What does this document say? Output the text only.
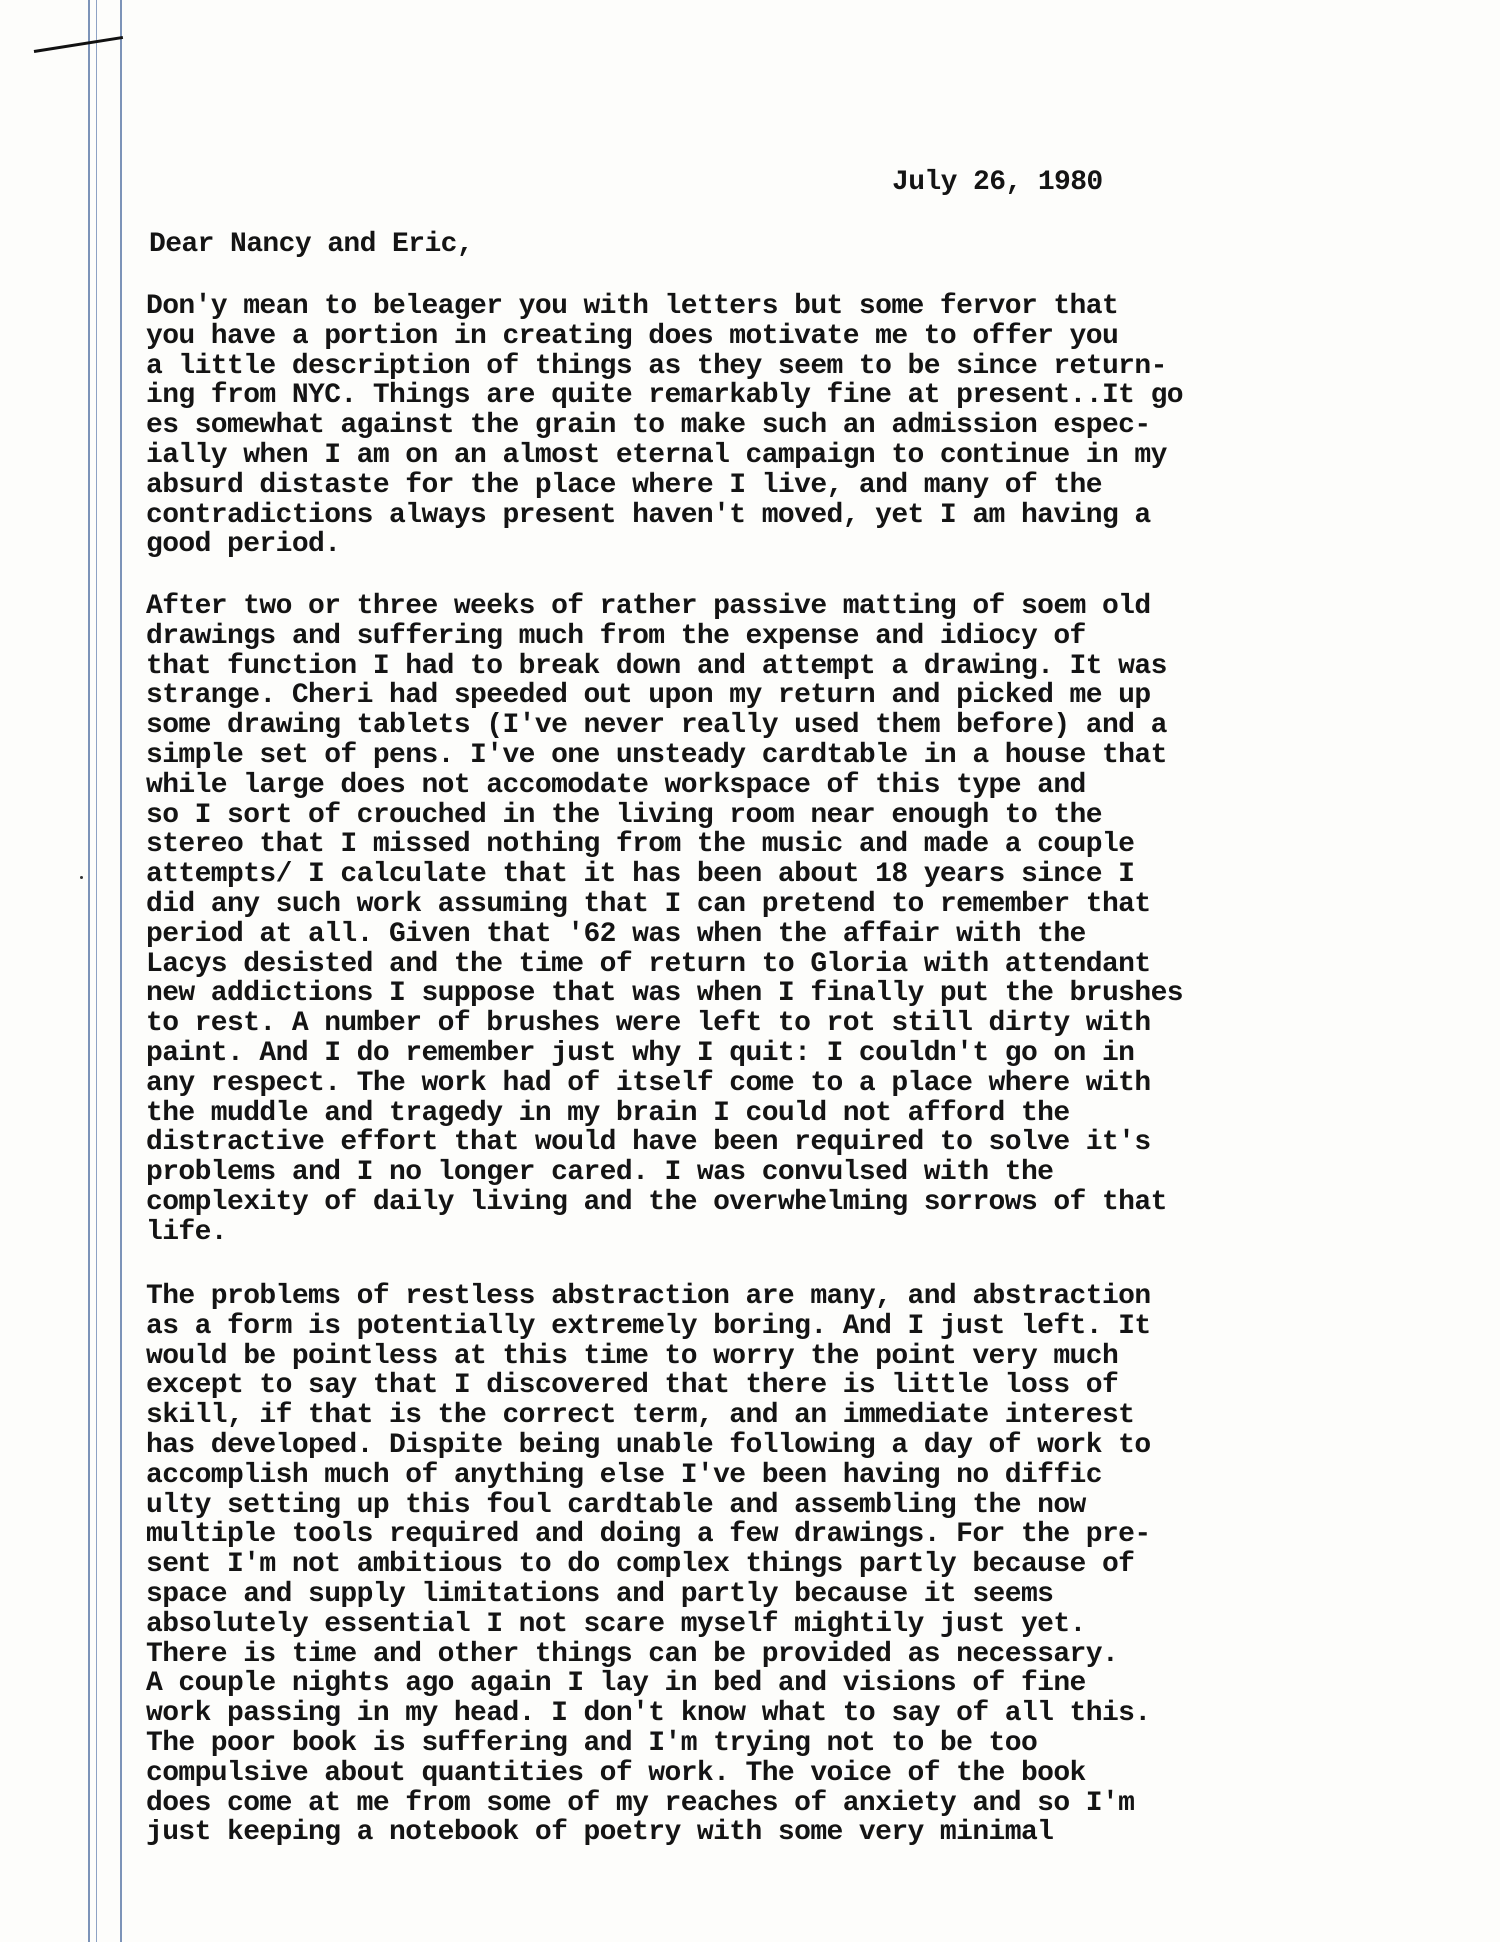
July 26, 1980
Dear Nancy and Eric,
Don'y mean to beleager you with letters but some fervor that
you have a portion in creating does motivate me to offer you
a little description of things as they seem to be since return-
ing from NYC. Things are quite remarkably fine at present..It go
es somewhat against the grain to make such an admission espec-
ially when I am on an almost eternal campaign to continue in my
absurd distaste for the place where I live, and many of the
contradictions always present haven't moved, yet I am having a
good period.
After two or three weeks of rather passive matting of soem old
drawings and suffering much from the expense and idiocy of
that function I had to break down and attempt a drawing. It was
strange. Cheri had speeded out upon my return and picked me up
some drawing tablets (I've never really used them before) and a
simple set of pens. I've one unsteady cardtable in a house that
while large does not accomodate workspace of this type and
so I sort of crouched in the living room near enough to the
stereo that I missed nothing from the music and made a couple
attempts/ I calculate that it has been about 18 years since I
did any such work assuming that I can pretend to remember that
period at all. Given that '62 was when the affair with the
Lacys desisted and the time of return to Gloria with attendant
new addictions I suppose that was when I finally put the brushes
to rest. A number of brushes were left to rot still dirty with
paint. And I do remember just why I quit: I couldn't go on in
any respect. The work had of itself come to a place where with
the muddle and tragedy in my brain I could not afford the
distractive effort that would have been required to solve it's
problems and I no longer cared. I was convulsed with the
complexity of daily living and the overwhelming sorrows of that
life.
The problems of restless abstraction are many, and abstraction
as a form is potentially extremely boring. And I just left. It
would be pointless at this time to worry the point very much
except to say that I discovered that there is little loss of
skill, if that is the correct term, and an immediate interest
has developed. Dispite being unable following a day of work to
accomplish much of anything else I've been having no diffic
ulty setting up this foul cardtable and assembling the now
multiple tools required and doing a few drawings. For the pre-
sent I'm not ambitious to do complex things partly because of
space and supply limitations and partly because it seems
absolutely essential I not scare myself mightily just yet.
There is time and other things can be provided as necessary.
A couple nights ago again I lay in bed and visions of fine
work passing in my head. I don't know what to say of all this.
The poor book is suffering and I'm trying not to be too
compulsive about quantities of work. The voice of the book
does come at me from some of my reaches of anxiety and so I'm
just keeping a notebook of poetry with some very minimal
